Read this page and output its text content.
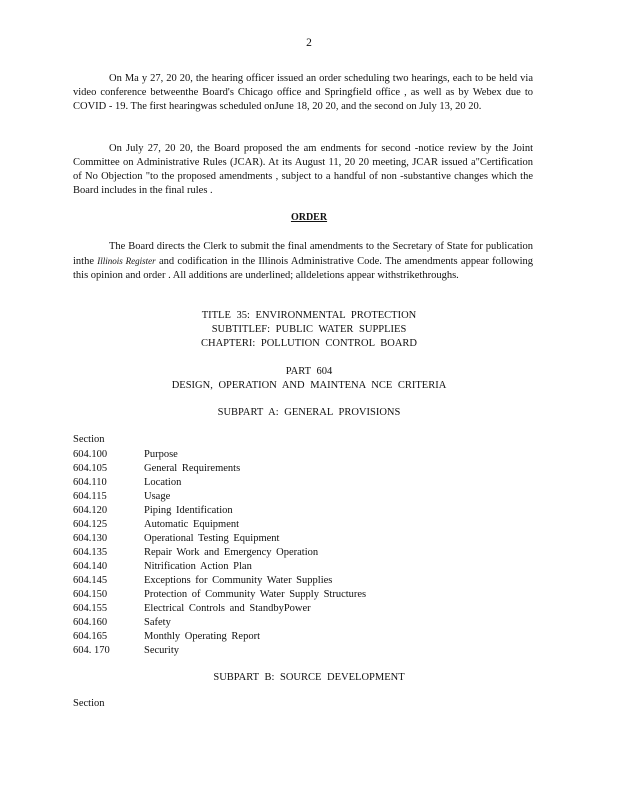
2
On Ma y 27, 20 20, the hearing officer issued an order scheduling two hearings, each to be held via video conference betweenthe Board's Chicago office and Springfield office , as well as by Webex due to COVID - 19. The first hearingwas scheduled onJune 18, 20 20, and the second on July 13, 20 20.
On July 27, 20 20, the Board proposed the am endments for second -notice review by the Joint Committee on Administrative Rules (JCAR). At its August 11, 20 20 meeting, JCAR issued a"Certification of No Objection "to the proposed amendments , subject to a handful of non -substantive changes which the Board includes in the final rules .
ORDER
The Board directs the Clerk to submit the final amendments to the Secretary of State for publication inthe Illinois Register and codification in the Illinois Administrative Code. The amendments appear following this opinion and order . All additions are underlined; alldeletions appear withstrikethroughs.
TITLE 35: ENVIRONMENTAL PROTECTION
SUBTITLEF: PUBLIC WATER SUPPLIES
CHAPTERI: POLLUTION CONTROL BOARD
PART 604
DESIGN, OPERATION AND MAINTENA NCE CRITERIA
SUBPART A: GENERAL PROVISIONS
Section
604.100	Purpose
604.105	General Requirements
604.110	Location
604.115	Usage
604.120	Piping Identification
604.125	Automatic Equipment
604.130	Operational Testing Equipment
604.135	Repair Work and Emergency Operation
604.140	Nitrification Action Plan
604.145	Exceptions for Community Water Supplies
604.150	Protection of Community Water Supply Structures
604.155	Electrical Controls and StandbyPower
604.160	Safety
604.165	Monthly Operating Report
604. 170	Security
SUBPART B: SOURCE DEVELOPMENT
Section
